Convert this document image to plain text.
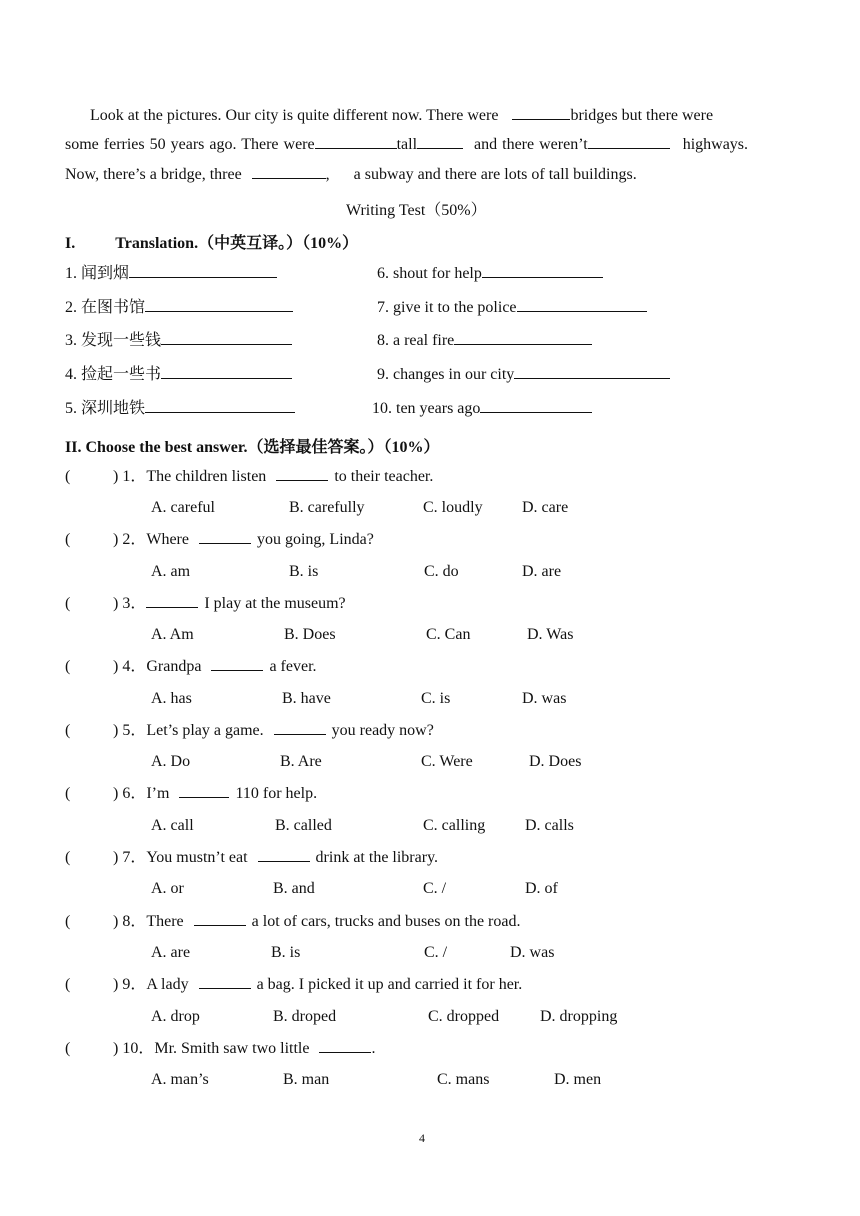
Look at the pictures. Our city is quite different now. There were	bridges but there were
some ferries 50 years ago. There were	tall	and there weren’t	highways.
Now, there’s a bridge, three	, a subway and there are lots of tall buildings.
Writing Test（50%）
I.	Translation.（中英互译。）（10%）
1. 闻到烟
2. 在图书馆
3. 发现一些钱
4. 捡起一些书
5. 深圳地铁
6. shout for help
7. give it to the police
8. a real fire
9. changes in our city
10. ten years ago
II. Choose the best answer.（选择最佳答案。）（10%）
(	) 1．The children listen	to their teacher.
A. careful	B. carefully	C. loudly D. care
(	) 2．Where	you going, Linda?
A. am	B. is	C. do	D. are
(	) 3．	I play at the museum?
A. Am	B. Does	C. Can	D. Was
(	) 4．Grandpa	a fever.
A. has	B. have	C. is	D. was
(	) 5．Let’s play a game.	you ready now?
A. Do	B. Are	C. Were	D. Does
(	) 6．I’m	110 for help.
A. call	B. called	C. calling D. calls
(	) 7．You mustn’t eat	drink at the library.
A. or	B. and	C. /	D. of
(	) 8．There	a lot of cars, trucks and buses on the road.
A. are	B. is	C. /	D. was
(	) 9．A lady	a bag. I picked it up and carried it for her.
A. drop	B. droped	C. dropped	D. dropping
(	) 10．Mr. Smith saw two little	.
A. man’s	B. man	C. mans	D. men
4
